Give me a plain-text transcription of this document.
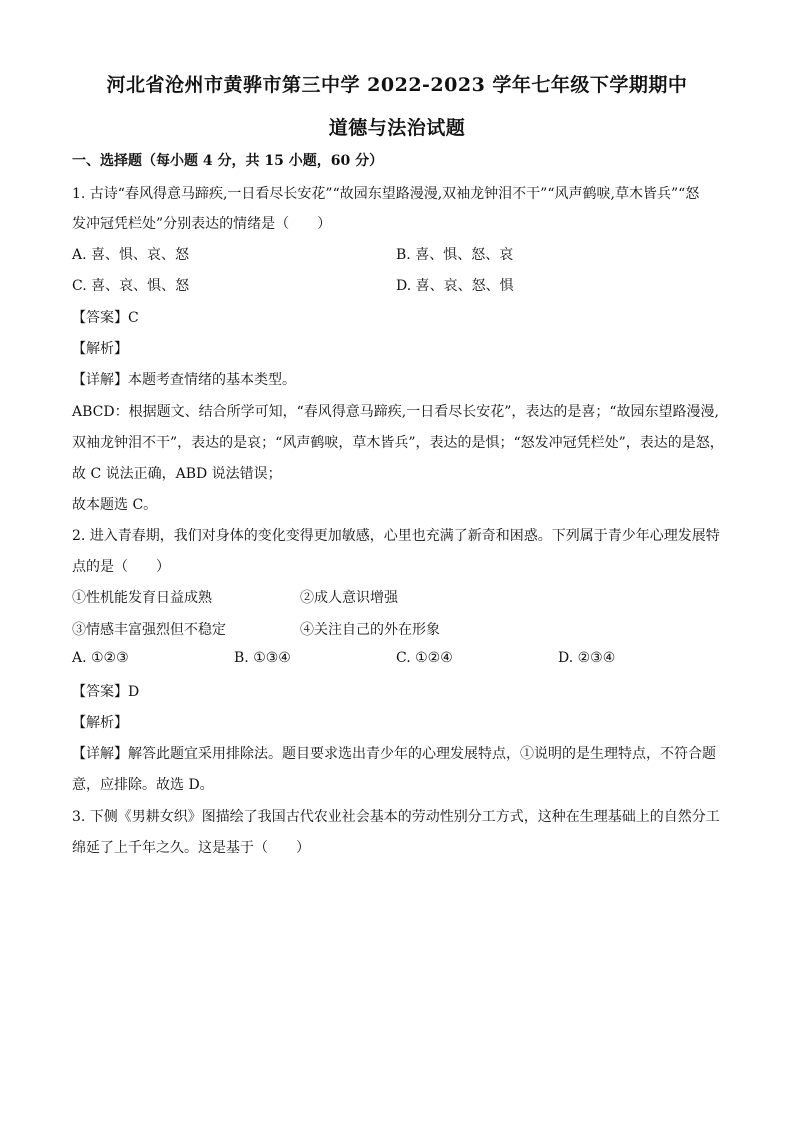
河北省沧州市黄骅市第三中学 2022-2023 学年七年级下学期期中
道德与法治试题
一、选择题（每小题 4 分，共 15 小题，60 分）
1. 古诗“春风得意马蹄疾,一日看尽长安花”“故园东望路漫漫,双袖龙钟泪不干”“风声鹤唳,草木皆兵”“怒
发冲冠凭栏处”分别表达的情绪是（　　）
A. 喜、惧、哀、怒	B. 喜、惧、怒、哀
C. 喜、哀、惧、怒	D. 喜、哀、怒、惧
【答案】C
【解析】
【详解】本题考查情绪的基本类型。
ABCD：根据题文、结合所学可知，“春风得意马蹄疾,一日看尽长安花”，表达的是喜；“故园东望路漫漫,
双袖龙钟泪不干”，表达的是哀；“风声鹤唳，草木皆兵”，表达的是惧；“怒发冲冠凭栏处”，表达的是怒，
故 C 说法正确，ABD 说法错误；
故本题选 C。
2. 进入青春期，我们对身体的变化变得更加敏感，心里也充满了新奇和困惑。下列属于青少年心理发展特
点的是（　　）
①性机能发育日益成熟	②成人意识增强
③情感丰富强烈但不稳定	④关注自己的外在形象
A. ①②③	B. ①③④	C. ①②④	D. ②③④
【答案】D
【解析】
【详解】解答此题宜采用排除法。题目要求选出青少年的心理发展特点，①说明的是生理特点，不符合题
意，应排除。故选 D。
3. 下侧《男耕女织》图描绘了我国古代农业社会基本的劳动性别分工方式，这种在生理基础上的自然分工
绵延了上千年之久。这是基于（　　）
